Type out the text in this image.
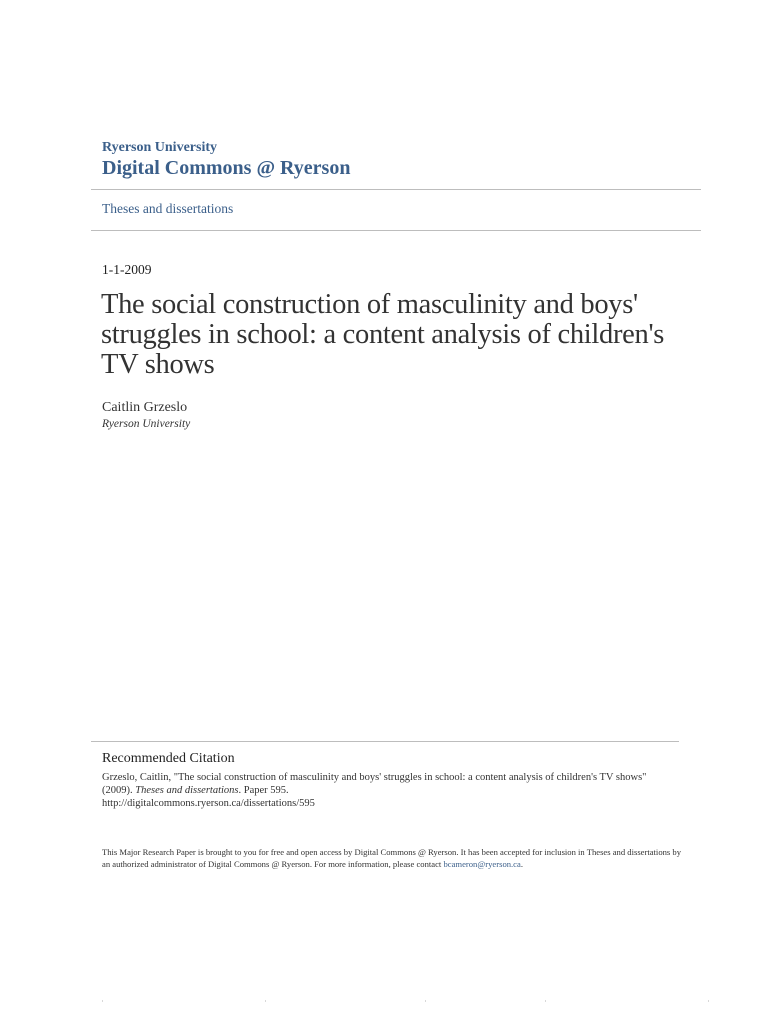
Ryerson University
Digital Commons @ Ryerson
Theses and dissertations
1-1-2009
The social construction of masculinity and boys' struggles in school: a content analysis of children's TV shows
Caitlin Grzeslo
Ryerson University
Recommended Citation
Grzeslo, Caitlin, "The social construction of masculinity and boys' struggles in school: a content analysis of children's TV shows"
(2009). Theses and dissertations. Paper 595.
http://digitalcommons.ryerson.ca/dissertations/595
This Major Research Paper is brought to you for free and open access by Digital Commons @ Ryerson. It has been accepted for inclusion in Theses and dissertations by an authorized administrator of Digital Commons @ Ryerson. For more information, please contact bcameron@ryerson.ca.
